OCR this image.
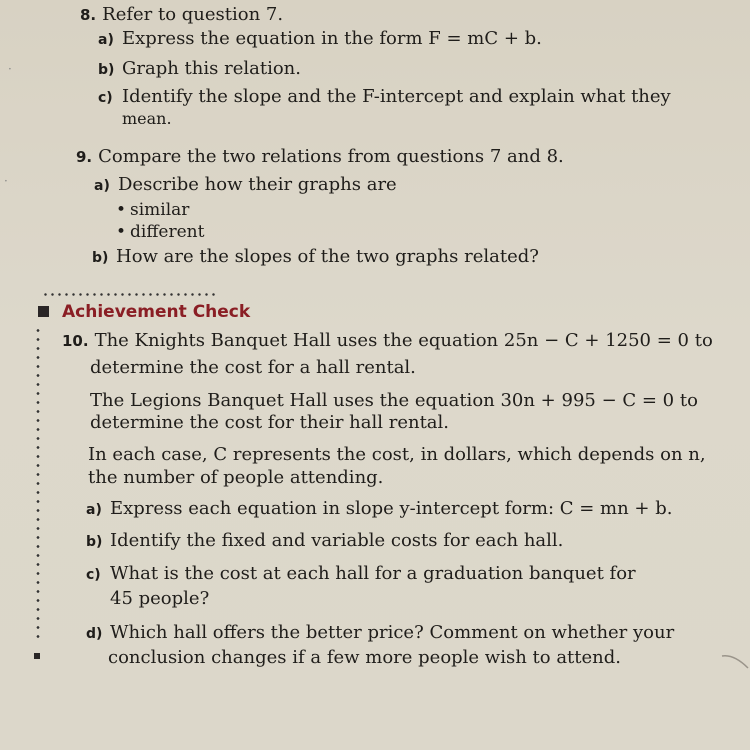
8. Refer to question 7.
a) Express the equation in the form F = mC + b.
b) Graph this relation.
c) Identify the slope and the F-intercept and explain what they
mean.
9. Compare the two relations from questions 7 and 8.
a) Describe how their graphs are
• similar
• different
b) How are the slopes of the two graphs related?
Achievement Check
10. The Knights Banquet Hall uses the equation 25n − C + 1250 = 0 to
determine the cost for a hall rental.
The Legions Banquet Hall uses the equation 30n + 995 − C = 0 to
determine the cost for their hall rental.
In each case, C represents the cost, in dollars, which depends on n,
the number of people attending.
a) Express each equation in slope y-intercept form: C = mn + b.
b) Identify the fixed and variable costs for each hall.
c) What is the cost at each hall for a graduation banquet for
45 people?
d) Which hall offers the better price? Comment on whether your
conclusion changes if a few more people wish to attend.
·
·
